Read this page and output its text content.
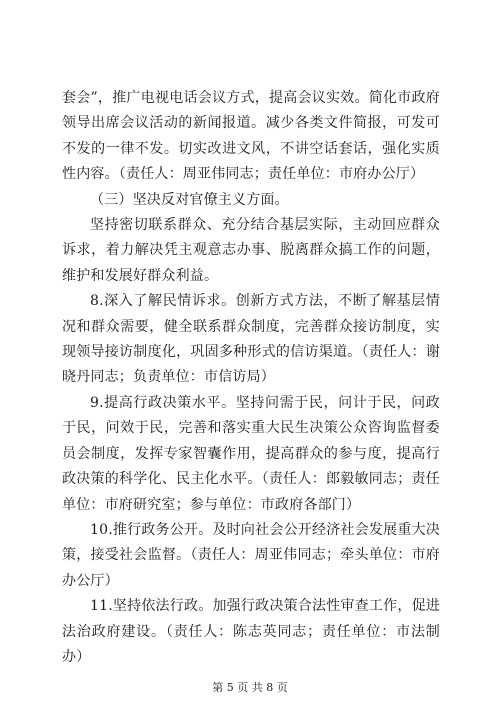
套会”，推广电视电话会议方式，提高会议实效。简化市政府领导出席会议活动的新闻报道。减少各类文件简报，可发可不发的一律不发。切实改进文风，不讲空话套话，强化实质性内容。（责任人：周亚伟同志；责任单位：市府办公厅）

（三）坚决反对官僚主义方面。

坚持密切联系群众、充分结合基层实际，主动回应群众诉求，着力解决凭主观意志办事、脱离群众搞工作的问题，维护和发展好群众利益。

8.深入了解民情诉求。创新方式方法，不断了解基层情况和群众需要，健全联系群众制度，完善群众接访制度，实现领导接访制度化，巩固多种形式的信访渠道。（责任人：谢晓丹同志；负责单位：市信访局）

9.提高行政决策水平。坚持问需于民，问计于民，问政于民，问效于民，完善和落实重大民生决策公众咨询监督委员会制度，发挥专家智囊作用，提高群众的参与度，提高行政决策的科学化、民主化水平。（责任人：郎毅敏同志；责任单位：市府研究室；参与单位：市政府各部门）

10.推行政务公开。及时向社会公开经济社会发展重大决策，接受社会监督。（责任人：周亚伟同志；牵头单位：市府办公厅）

11.坚持依法行政。加强行政决策合法性审查工作，促进法治政府建设。（责任人：陈志英同志；责任单位：市法制办）

第 5 页 共 8 页
